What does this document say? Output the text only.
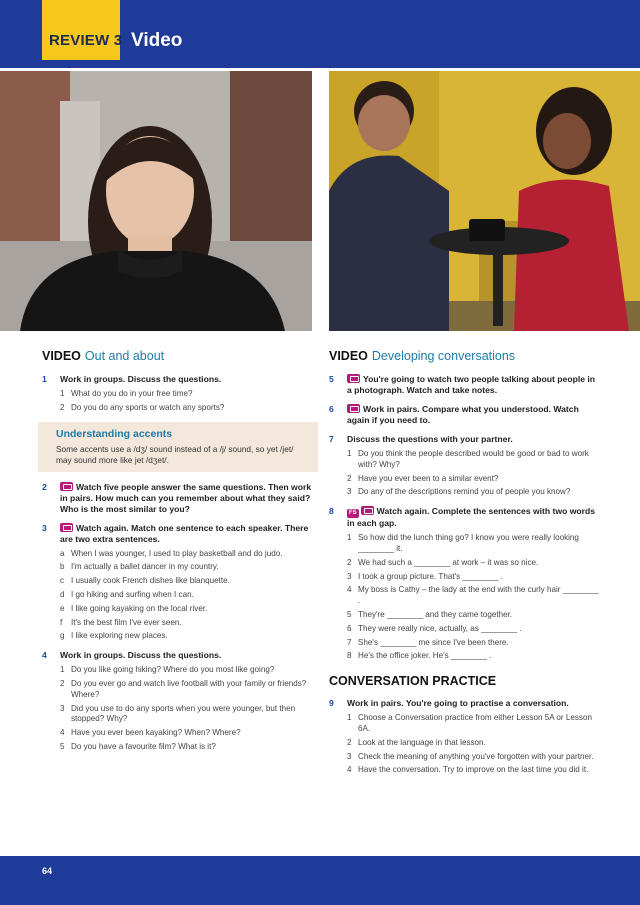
REVIEW 3 Video
VIDEO Out and about
1 Work in groups. Discuss the questions.
1 What do you do in your free time?
2 Do you do any sports or watch any sports?
Understanding accents
Some accents use a /dʒ/ sound instead of a /j/ sound, so yet /jet/ may sound more like jet /dʒet/.
2	Watch five people answer the same questions. Then work in pairs. How much can you remember about what they said? Who is the most similar to you?
3	Watch again. Match one sentence to each speaker. There are two extra sentences.
a When I was younger, I used to play basketball and do judo.
b I'm actually a ballet dancer in my country.
c I usually cook French dishes like blanquette.
d I go hiking and surfing when I can.
e I like going kayaking on the local river.
f It's the best film I've ever seen.
g I like exploring new places.
4 Work in groups. Discuss the questions.
1 Do you like going hiking? Where do you most like going?
2 Do you ever go and watch live football with your family or friends? Where?
3 Did you use to do any sports when you were younger, but then stopped? Why?
4 Have you ever been kayaking? When? Where?
5 Do you have a favourite film? What is it?
VIDEO Developing conversations
5	You're going to watch two people talking about people in a photograph. Watch and take notes.
6	Work in pairs. Compare what you understood. Watch again if you need to.
7 Discuss the questions with your partner.
1 Do you think the people described would be good or bad to work with? Why?
2 Have you ever been to a similar event?
3 Do any of the descriptions remind you of people you know?
8	FS Watch again. Complete the sentences with two words in each gap.
1 So how did the lunch thing go? I know you were really looking ________ it.
2 We had such a ________ at work – it was so nice.
3 I took a group picture. That's ________ .
4 My boss is Cathy – the lady at the end with the curly hair ________ .
5 They're ________ and they came together.
6 They were really nice, actually, as ________ .
7 She's ________ me since I've been there.
8 He's the office joker. He's ________ .
CONVERSATION PRACTICE
9 Work in pairs. You're going to practise a conversation.
1 Choose a Conversation practice from either Lesson 5A or Lesson 6A.
2 Look at the language in that lesson.
3 Check the meaning of anything you've forgotten with your partner.
4 Have the conversation. Try to improve on the last time you did it.
64
